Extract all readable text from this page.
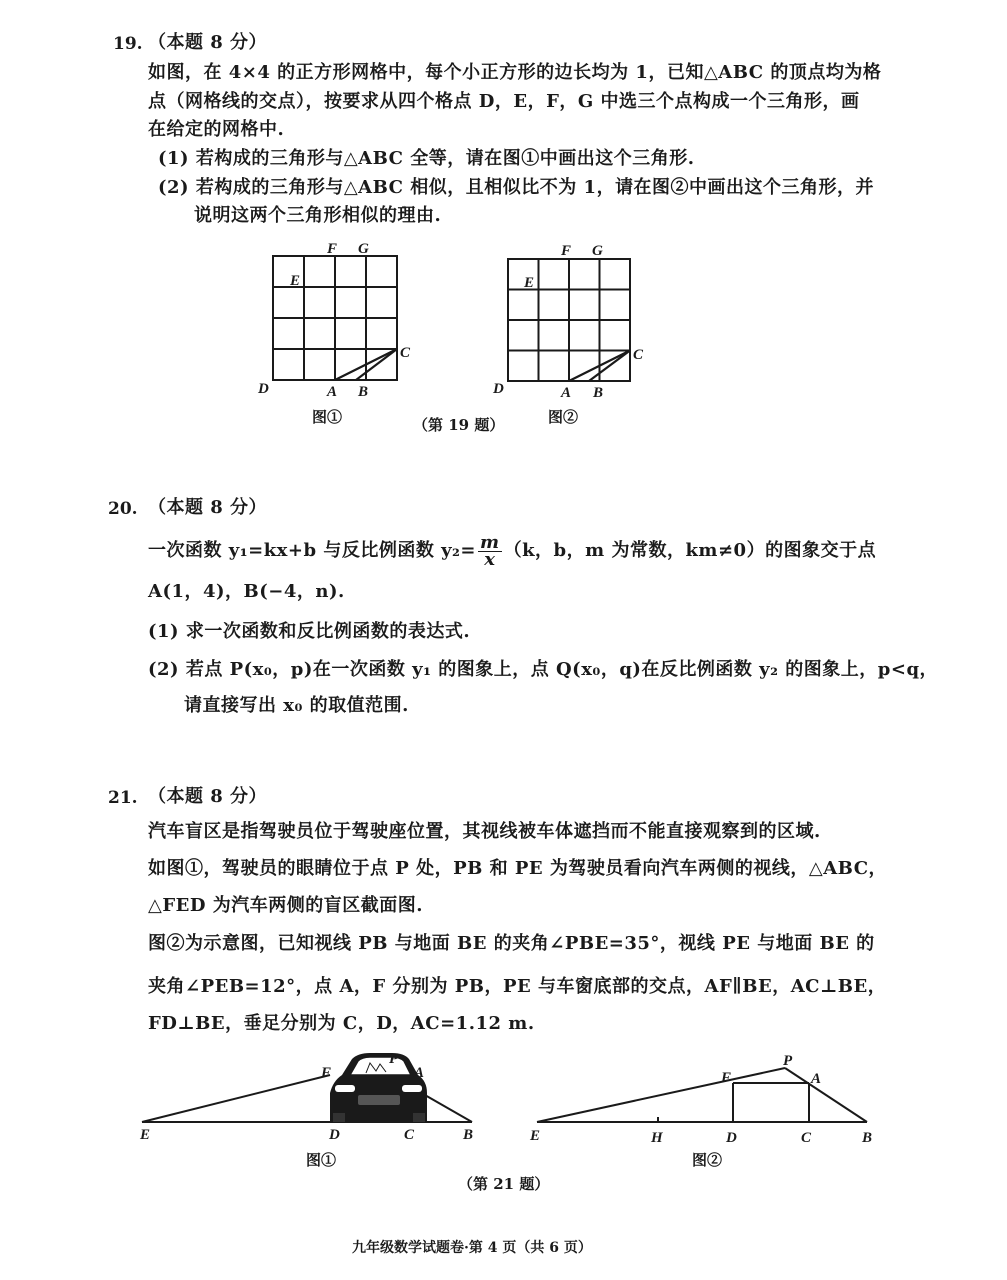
19. （本题 8 分）
如图，在 4×4 的正方形网格中，每个小正方形的边长均为 1，已知△ABC 的顶点均为格
点（网格线的交点），按要求从四个格点 D，E，F，G 中选三个点构成一个三角形，画
在给定的网格中.
(1) 若构成的三角形与△ABC 全等，请在图①中画出这个三角形.
(2) 若构成的三角形与△ABC 相似，且相似比不为 1，请在图②中画出这个三角形，并
说明这两个三角形相似的理由.
F G
E
C
D	A B
图①
F G
E
C
D	A B
图②
（第 19 题）
20. （本题 8 分）
一次函数 y₁=kx+b 与反比例函数 $y_2= \frac{m}{x} (k$，b，m 为常数，km≠0）的图象交于点
A(1，4)，B(−4，n).
(1) 求一次函数和反比例函数的表达式.
(2) 若点 P(x₀，p)在一次函数 y₁ 的图象上，点 Q(x₀，q)在反比例函数 y₂ 的图象上，p<q，
请直接写出 x₀ 的取值范围.
21. （本题 8 分）
汽车盲区是指驾驶员位于驾驶座位置，其视线被车体遮挡而不能直接观察到的区域.
如图①，驾驶员的眼睛位于点 P 处，PB 和 PE 为驾驶员看向汽车两侧的视线，△ABC，
△FED 为汽车两侧的盲区截面图.
图②为示意图，已知视线 PB 与地面 BE 的夹角∠PBE=35°，视线 PE 与地面 BE 的
夹角∠PEB=12°，点 A，F 分别为 PB，PE 与车窗底部的交点，AF∥BE，AC⊥BE，
FD⊥BE，垂足分别为 C，D，AC=1.12 m.
E	D	C	B
F	A
P
图①
E	H	D	C	B
F	A
P
图②
（第 21 题）
九年级数学试题卷·第 4 页（共 6 页）
